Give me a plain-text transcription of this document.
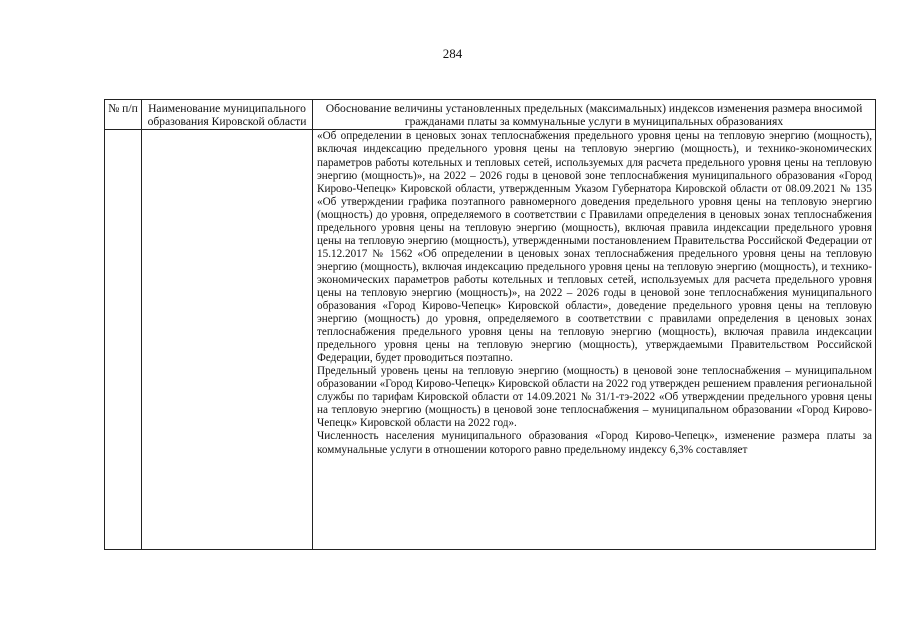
284
№ п/п	Наименование муниципального образования Кировской области	Обоснование величины установленных предельных (максимальных) индексов изменения размера вносимой гражданами платы за коммунальные услуги в муниципальных образованиях

		«Об определении в ценовых зонах теплоснабжения предельного уровня цены на тепловую энергию (мощность), включая индексацию предельного уровня цены на тепловую энергию (мощность), и технико-экономических параметров работы котельных и тепловых сетей, используемых для расчета предельного уровня цены на тепловую энергию (мощность)», на 2022 – 2026 годы в ценовой зоне теплоснабжения муниципального образования «Город Кирово-Чепецк» Кировской области, утвержденным Указом Губернатора Кировской области от 08.09.2021 № 135 «Об утверждении графика поэтапного равномерного доведения предельного уровня цены на тепловую энергию (мощность) до уровня, определяемого в соответствии с Правилами определения в ценовых зонах теплоснабжения предельного уровня цены на тепловую энергию (мощность), включая правила индексации предельного уровня цены на тепловую энергию (мощность), утвержденными постановлением Правительства Российской Федерации от 15.12.2017 № 1562 «Об определении в ценовых зонах теплоснабжения предельного уровня цены на тепловую энергию (мощность), включая индексацию предельного уровня цены на тепловую энергию (мощность), и технико-экономических параметров работы котельных и тепловых сетей, используемых для расчета предельного уровня цены на тепловую энергию (мощность)», на 2022 – 2026 годы в ценовой зоне теплоснабжения муниципального образования «Город Кирово-Чепецк» Кировской области», доведение предельного уровня цены на тепловую энергию (мощность) до уровня, определяемого в соответствии с правилами определения в ценовых зонах теплоснабжения предельного уровня цены на тепловую энергию (мощность), включая правила индексации предельного уровня цены на тепловую энергию (мощность), утверждаемыми Правительством Российской Федерации, будет проводиться поэтапно.

Предельный уровень цены на тепловую энергию (мощность) в ценовой зоне теплоснабжения – муниципальном образовании «Город Кирово-Чепецк» Кировской области на 2022 год утвержден решением правления региональной службы по тарифам Кировской области от 14.09.2021 № 31/1-тэ-2022 «Об утверждении предельного уровня цены на тепловую энергию (мощность) в ценовой зоне теплоснабжения – муниципальном образовании «Город Кирово-Чепецк» Кировской области на 2022 год».

Численность населения муниципального образования «Город Кирово-Чепецк», изменение размера платы за коммунальные услуги в отношении которого равно предельному индексу 6,3% составляет
